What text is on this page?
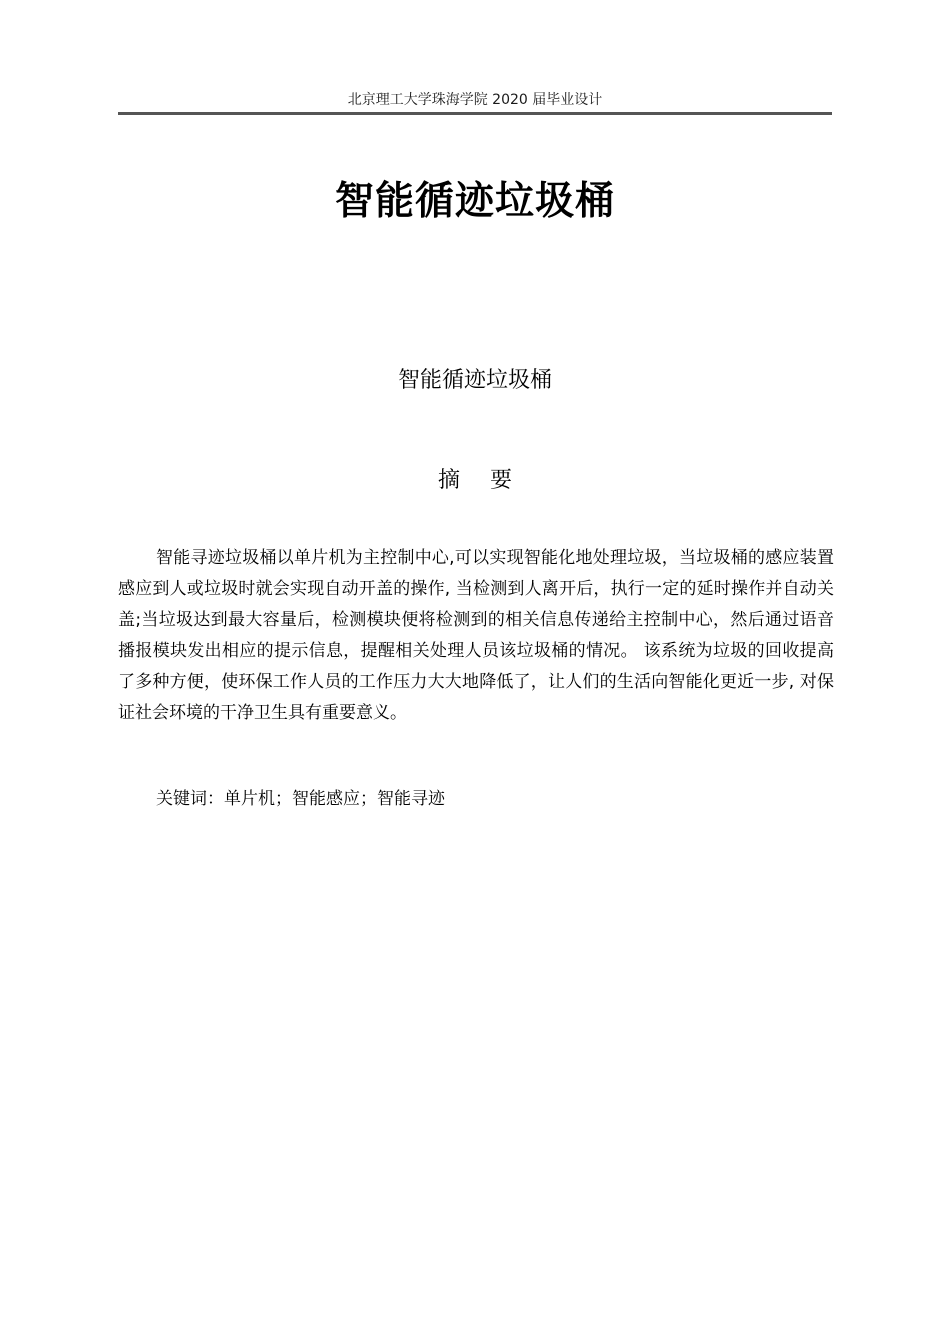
北京理工大学珠海学院 2020 届毕业设计
智能循迹垃圾桶
智能循迹垃圾桶
摘要

智能寻迹垃圾桶以单片机为主控制中心,可以实现智能化地处理垃圾，当垃圾桶的感应装置感应到人或垃圾时就会实现自动开盖的操作, 当检测到人离开后，执行一定的延时操作并自动关盖;当垃圾达到最大容量后，检测模块便将检测到的相关信息传递给主控制中心，然后通过语音播报模块发出相应的提示信息，提醒相关处理人员该垃圾桶的情况。 该系统为垃圾的回收提高了多种方便，使环保工作人员的工作压力大大地降低了，让人们的生活向智能化更近一步, 对保证社会环境的干净卫生具有重要意义。

关键词：单片机；智能感应；智能寻迹
